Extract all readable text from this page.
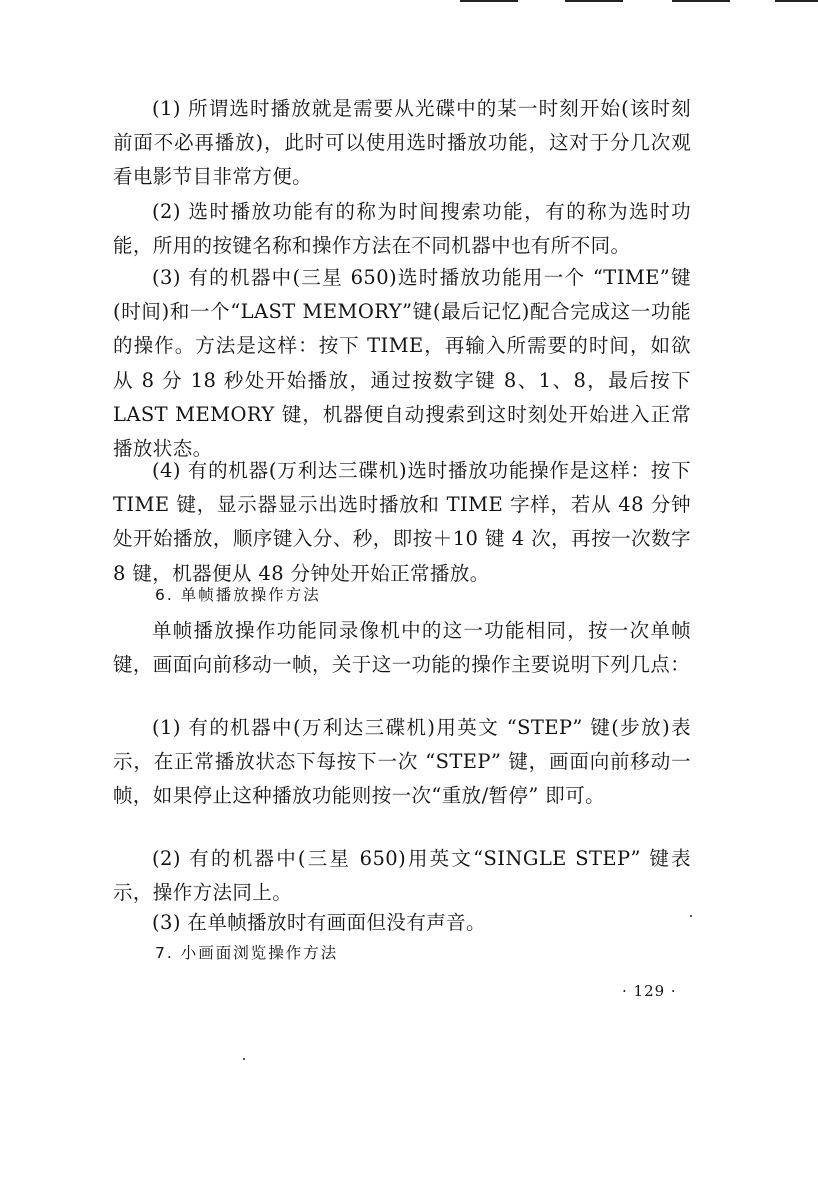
(1) 所谓选时播放就是需要从光碟中的某一时刻开始(该时刻前面不必再播放)，此时可以使用选时播放功能，这对于分几次观看电影节目非常方便。

(2) 选时播放功能有的称为时间搜索功能，有的称为选时功能，所用的按键名称和操作方法在不同机器中也有所不同。

(3) 有的机器中(三星 650)选时播放功能用一个 “TIME”键(时间)和一个“LAST MEMORY”键(最后记忆)配合完成这一功能的操作。方法是这样：按下 TIME，再输入所需要的时间，如欲从 8 分 18 秒处开始播放，通过按数字键 8、1、8，最后按下 LAST MEMORY 键，机器便自动搜索到这时刻处开始进入正常播放状态。

(4) 有的机器(万利达三碟机)选时播放功能操作是这样：按下 TIME 键，显示器显示出选时播放和 TIME 字样，若从 48 分钟处开始播放，顺序键入分、秒，即按＋10 键 4 次，再按一次数字 8 键，机器便从 48 分钟处开始正常播放。

6. 单帧播放操作方法

单帧播放操作功能同录像机中的这一功能相同，按一次单帧键，画面向前移动一帧，关于这一功能的操作主要说明下列几点：

(1) 有的机器中(万利达三碟机)用英文 “STEP” 键(步放)表示，在正常播放状态下每按下一次 “STEP” 键，画面向前移动一帧，如果停止这种播放功能则按一次“重放/暂停” 即可。

(2) 有的机器中(三星 650)用英文“SINGLE STEP” 键表示，操作方法同上。

(3) 在单帧播放时有画面但没有声音。

7. 小画面浏览操作方法

· 129 ·
